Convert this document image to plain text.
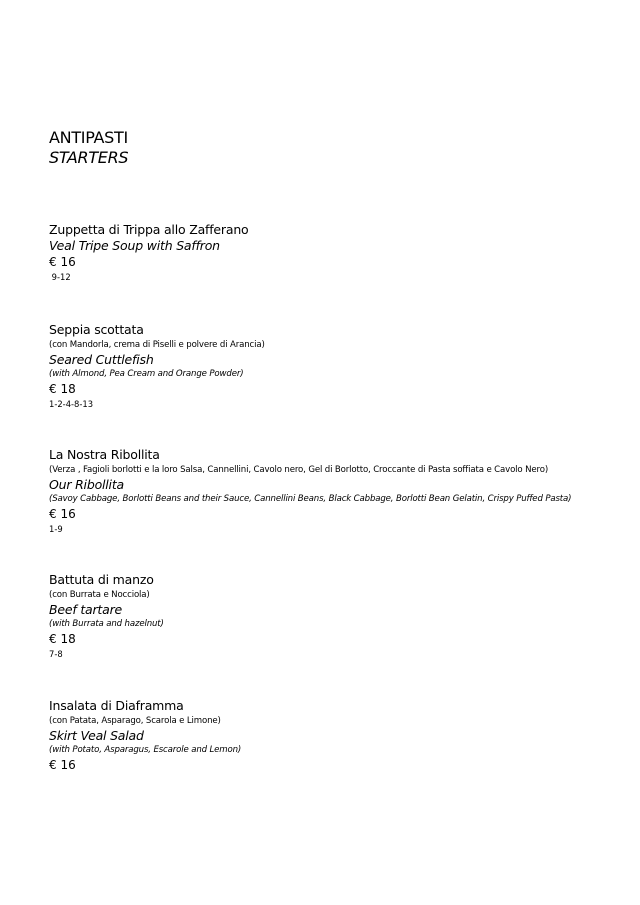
ANTIPASTI
STARTERS
Zuppetta di Trippa allo Zafferano
Veal Tripe Soup with Saffron
€ 16
9-12
Seppia scottata
(con Mandorla, crema di Piselli e polvere di Arancia)
Seared Cuttlefish
(with Almond, Pea Cream and Orange Powder)
€ 18
1-2-4-8-13
La Nostra Ribollita
(Verza , Fagioli borlotti e la loro Salsa, Cannellini, Cavolo nero, Gel di Borlotto, Croccante di Pasta soffiata e Cavolo Nero)
Our Ribollita
(Savoy Cabbage, Borlotti Beans and their Sauce, Cannellini Beans, Black Cabbage, Borlotti Bean Gelatin, Crispy Puffed Pasta)
€ 16
1-9
Battuta di manzo
(con Burrata e Nocciola)
Beef tartare
(with Burrata and hazelnut)
€ 18
7-8
Insalata di Diaframma
(con Patata, Asparago, Scarola e Limone)
Skirt Veal Salad
(with Potato, Asparagus, Escarole and Lemon)
€ 16
